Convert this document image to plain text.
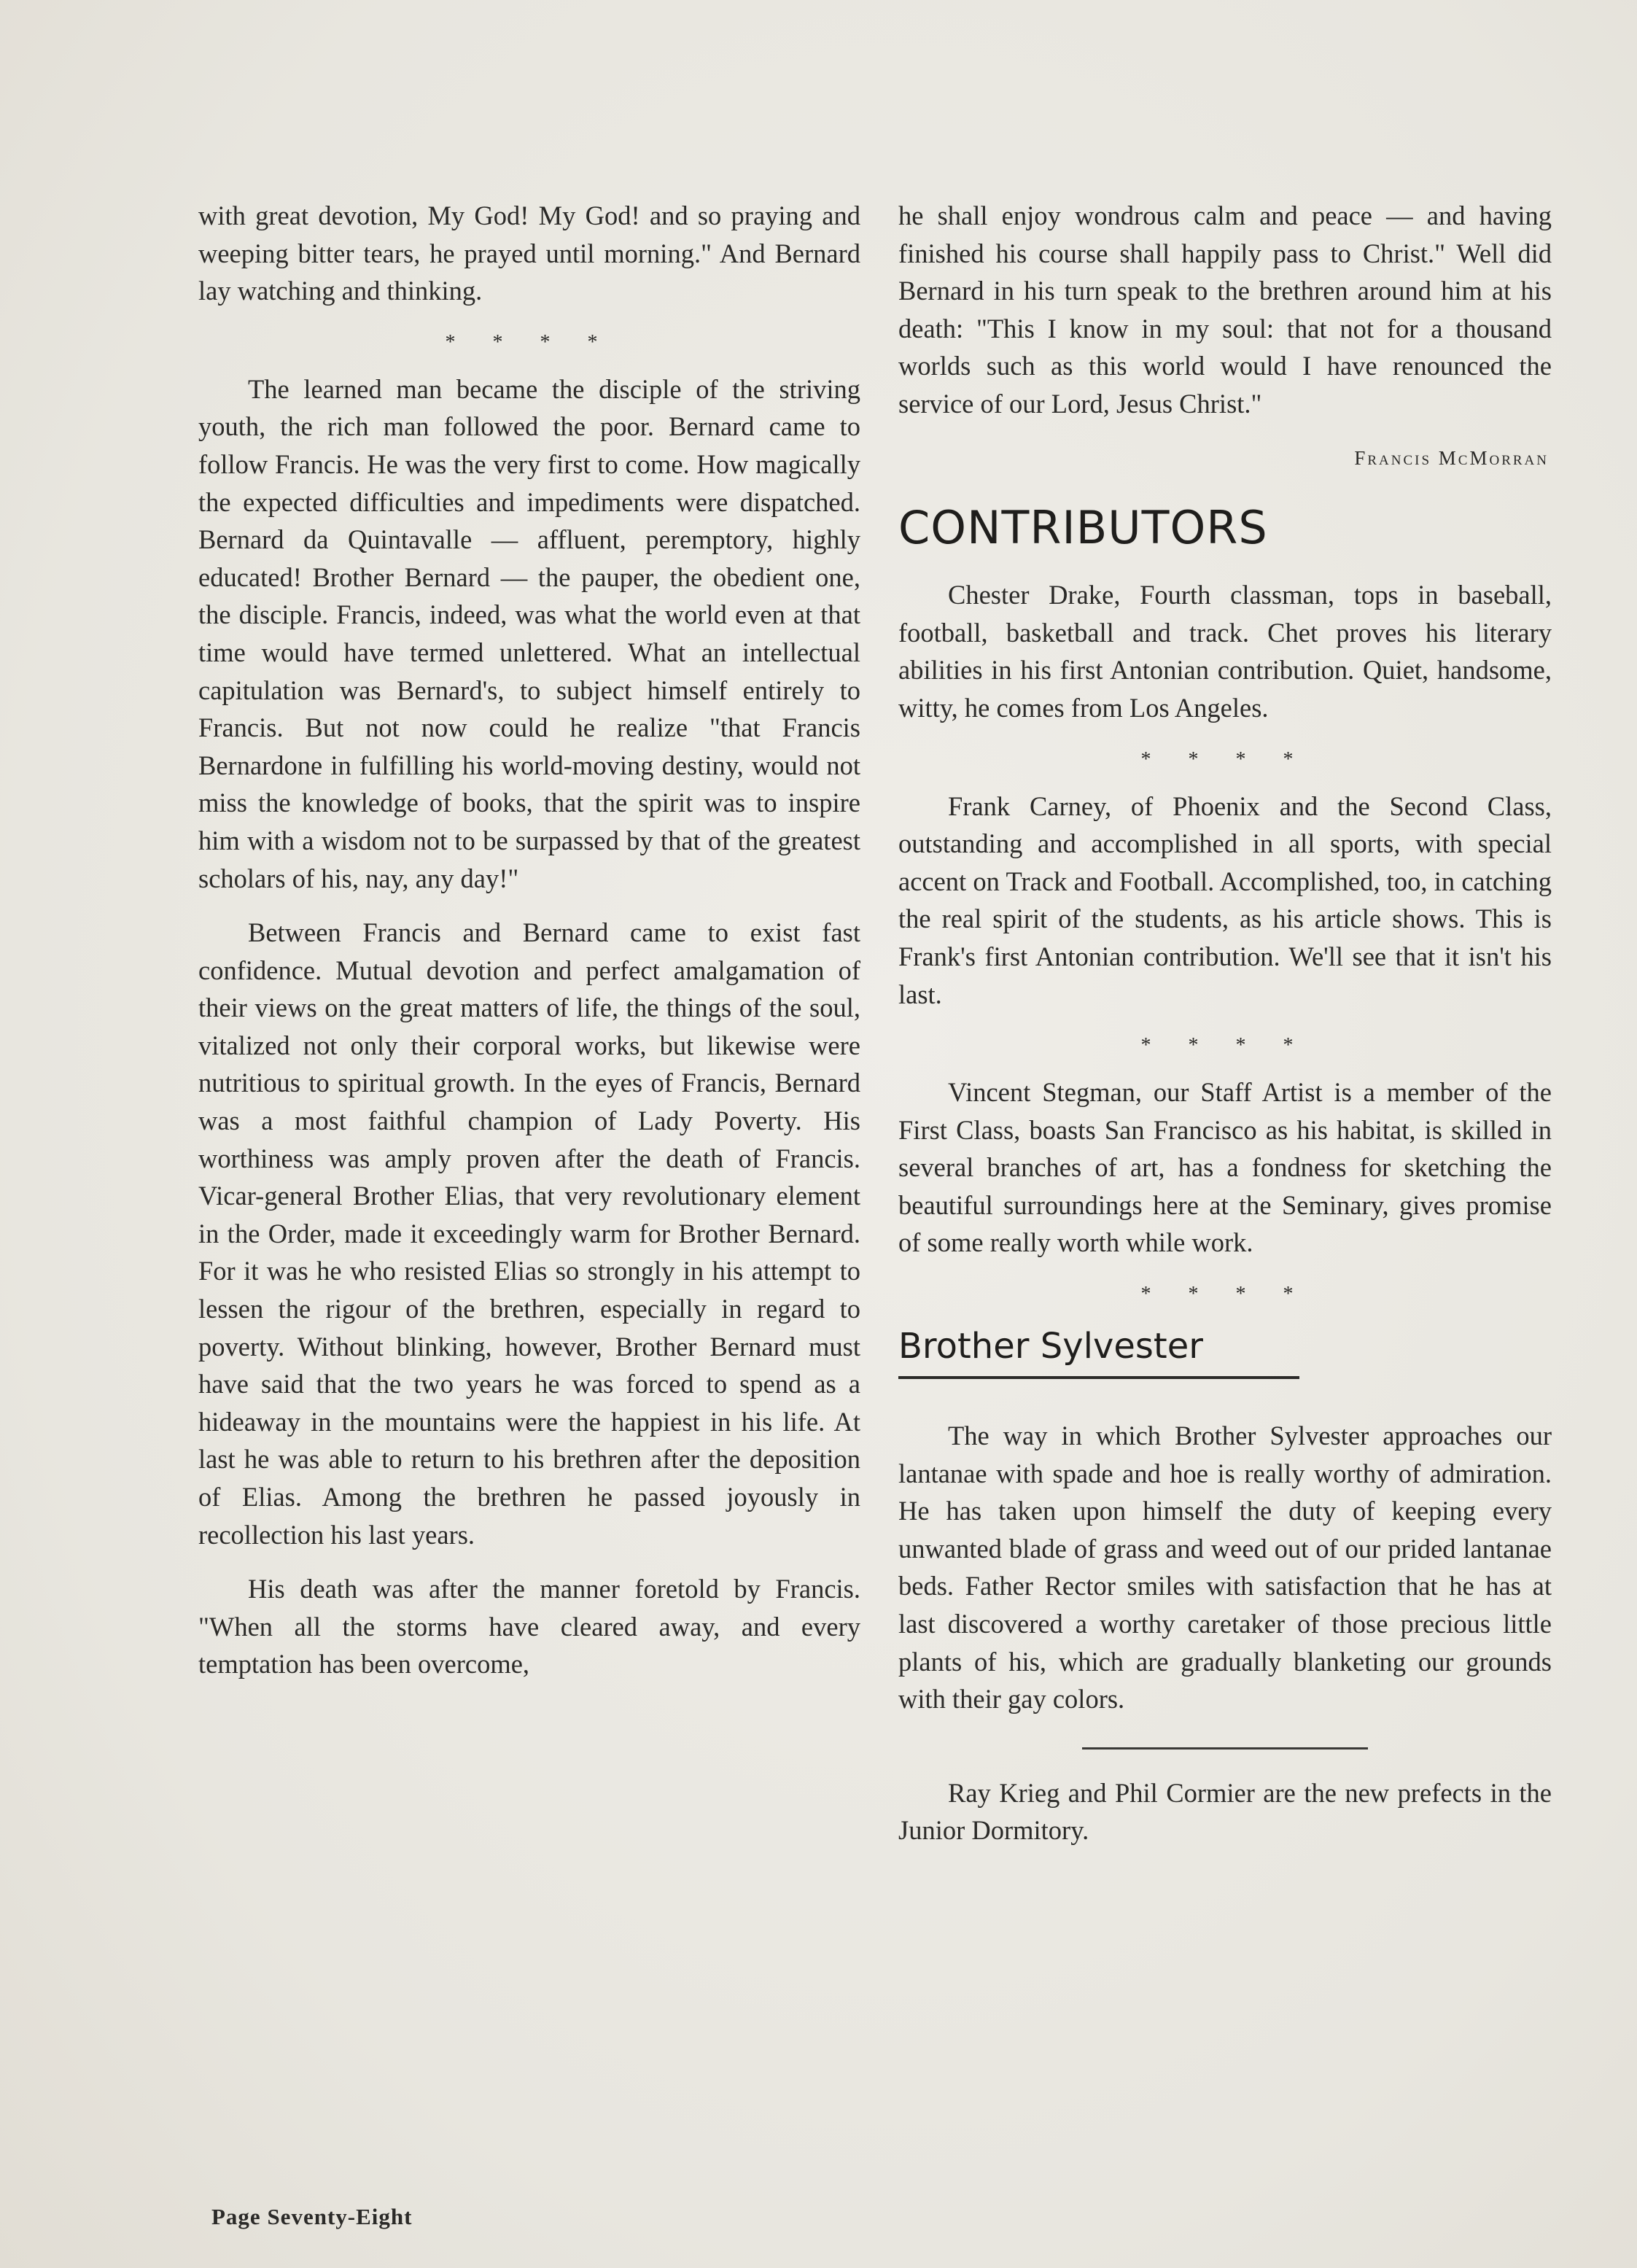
with great devotion, My God! My God! and so praying and weeping bitter tears, he prayed until morning." And Bernard lay watching and thinking.

* * * *

The learned man became the disciple of the striving youth, the rich man followed the poor. Bernard came to follow Francis. He was the very first to come. How magically the expected difficulties and impediments were dispatched. Bernard da Quintavalle — affluent, peremptory, highly educated! Brother Bernard — the pauper, the obedient one, the disciple. Francis, indeed, was what the world even at that time would have termed unlettered. What an intellectual capitulation was Bernard's, to subject himself entirely to Francis. But not now could he realize "that Francis Bernardone in fulfilling his world-moving destiny, would not miss the knowledge of books, that the spirit was to inspire him with a wisdom not to be surpassed by that of the greatest scholars of his, nay, any day!"

Between Francis and Bernard came to exist fast confidence. Mutual devotion and perfect amalgamation of their views on the great matters of life, the things of the soul, vitalized not only their corporal works, but likewise were nutritious to spiritual growth. In the eyes of Francis, Bernard was a most faithful champion of Lady Poverty. His worthiness was amply proven after the death of Francis. Vicar-general Brother Elias, that very revolutionary element in the Order, made it exceedingly warm for Brother Bernard. For it was he who resisted Elias so strongly in his attempt to lessen the rigour of the brethren, especially in regard to poverty. Without blinking, however, Brother Bernard must have said that the two years he was forced to spend as a hideaway in the mountains were the happiest in his life. At last he was able to return to his brethren after the deposition of Elias. Among the brethren he passed joyously in recollection his last years.

His death was after the manner foretold by Francis. "When all the storms have cleared away, and every temptation has been overcome,

he shall enjoy wondrous calm and peace — and having finished his course shall happily pass to Christ." Well did Bernard in his turn speak to the brethren around him at his death: "This I know in my soul: that not for a thousand worlds such as this world would I have renounced the service of our Lord, Jesus Christ."

Francis McMorran
CONTRIBUTORS

Chester Drake, Fourth classman, tops in baseball, football, basketball and track. Chet proves his literary abilities in his first Antonian contribution. Quiet, handsome, witty, he comes from Los Angeles.

* * * *

Frank Carney, of Phoenix and the Second Class, outstanding and accomplished in all sports, with special accent on Track and Football. Accomplished, too, in catching the real spirit of the students, as his article shows. This is Frank's first Antonian contribution. We'll see that it isn't his last.

* * * *

Vincent Stegman, our Staff Artist is a member of the First Class, boasts San Francisco as his habitat, is skilled in several branches of art, has a fondness for sketching the beautiful surroundings here at the Seminary, gives promise of some really worth while work.

* * * *
Brother Sylvester

The way in which Brother Sylvester approaches our lantanae with spade and hoe is really worthy of admiration. He has taken upon himself the duty of keeping every unwanted blade of grass and weed out of our prided lantanae beds. Father Rector smiles with satisfaction that he has at last discovered a worthy caretaker of those precious little plants of his, which are gradually blanketing our grounds with their gay colors.

Ray Krieg and Phil Cormier are the new prefects in the Junior Dormitory.

Page Seventy-Eight
